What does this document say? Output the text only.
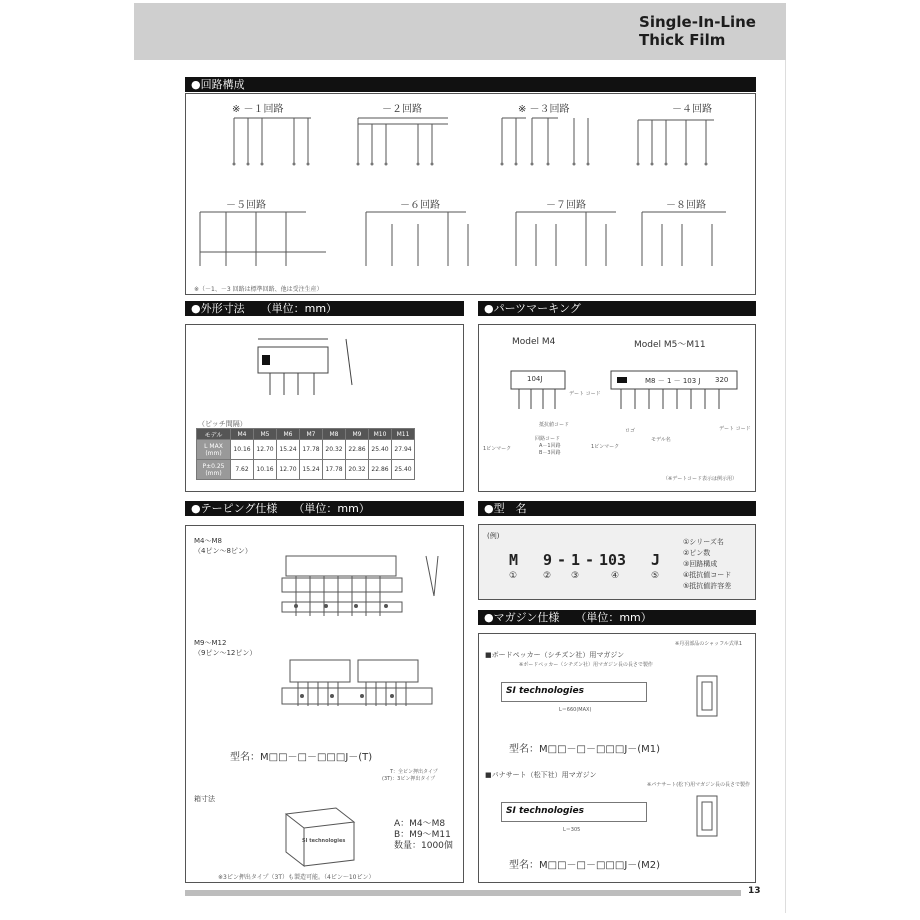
Single-In-Line
Thick Film
●回路構成
※ －１回路	－２回路	※ －３回路	－４回路
－５回路	－６回路	－７回路	－８回路
※（－1、－3 回路は標準回路、他は受注生産）
●外形寸法 （単位：mm）
（ピッチ間隔）
モデル	M4	M5	M6	M7	M8	M9	M10	M11
L MAX (mm)	10.16	12.70	15.24	17.78	20.32	22.86	25.40	27.94
P±0.25 (mm)	7.62	10.16	12.70	15.24	17.78	20.32	22.86	25.40
●パーツマーキング
Model M4	Model M5～M11
104J	M8 － 1 － 103 J 320
デート コード
抵抗値コード
回路コード
A－1回路
B－3回路
1ピンマーク	1ピンマーク
ロゴ
モデル名
デート コード
（※デートコード表示は例示用）
●テーピング仕様 （単位：mm）
M4～M8
（4ピン～8ピン）
M9～M12
（9ピン～12ピン）
型名：M□□－□－□□□J－(T)
T：全ピン押出タイプ
(3T)：3ピン押出タイプ
箱寸法
SI technologies
A：M4～M8
B：M9～M11
数量：1000個
※3ピン押出タイプ（3T）も製造可能。（4ピン～10ピン）
●型　名
(例)
M 9 - 1 - 103 J
①	② ③	④	⑤
①シリーズ名
②ピン数
③回路構成
④抵抗値コード
⑤抵抗値許容差
●マガジン仕様 （単位：mm）
※丹羽部品のシャッフル式単1
■ボードペッカー（シチズン社）用マガジン
※ボードペッカー（シチズン社）用マガジン長の長さで製作
SI technologies
L＝660(MAX)
型名：M□□－□－□□□J－(M1)
■パナサート（松下社）用マガジン
※パナサート(松下)用マガジン長の長さで製作
SI technologies
L＝305
型名：M□□－□－□□□J－(M2)
13
